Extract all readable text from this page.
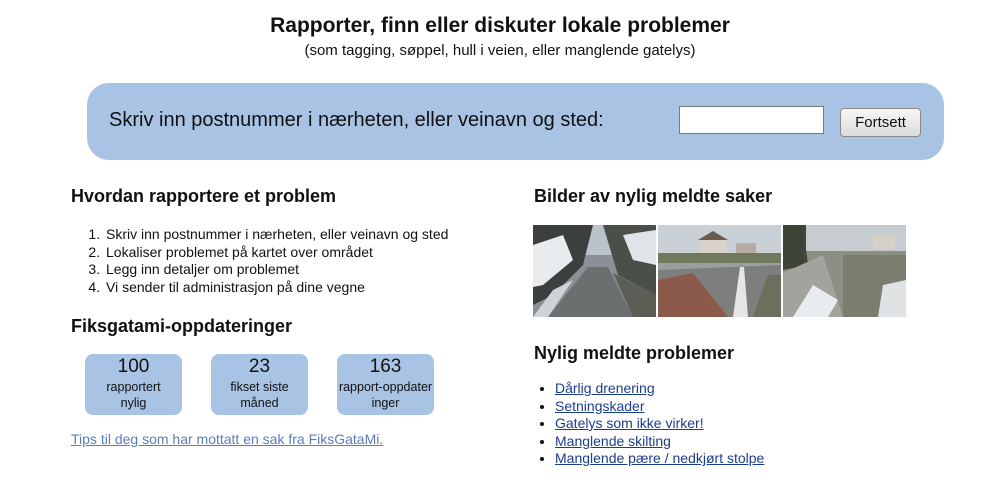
Rapporter, finn eller diskuter lokale problemer
(som tagging, søppel, hull i veien, eller manglende gatelys)
Skriv inn postnummer i nærheten, eller veinavn og sted:	Fortsett
Hvordan rapportere et problem
1. Skriv inn postnummer i nærheten, eller veinavn og sted
2. Lokaliser problemet på kartet over området
3. Legg inn detaljer om problemet
4. Vi sender til administrasjon på dine vegne
Fiksgatami-oppdateringer
100
rapportert nylig
23
fikset siste måned
163
rapport-oppdateringer
Tips til deg som har mottatt en sak fra FiksGataMi.
Bilder av nylig meldte saker
Nylig meldte problemer
• Dårlig drenering
• Setningskader
• Gatelys som ikke virker!
• Manglende skilting
• Manglende pære / nedkjørt stolpe
